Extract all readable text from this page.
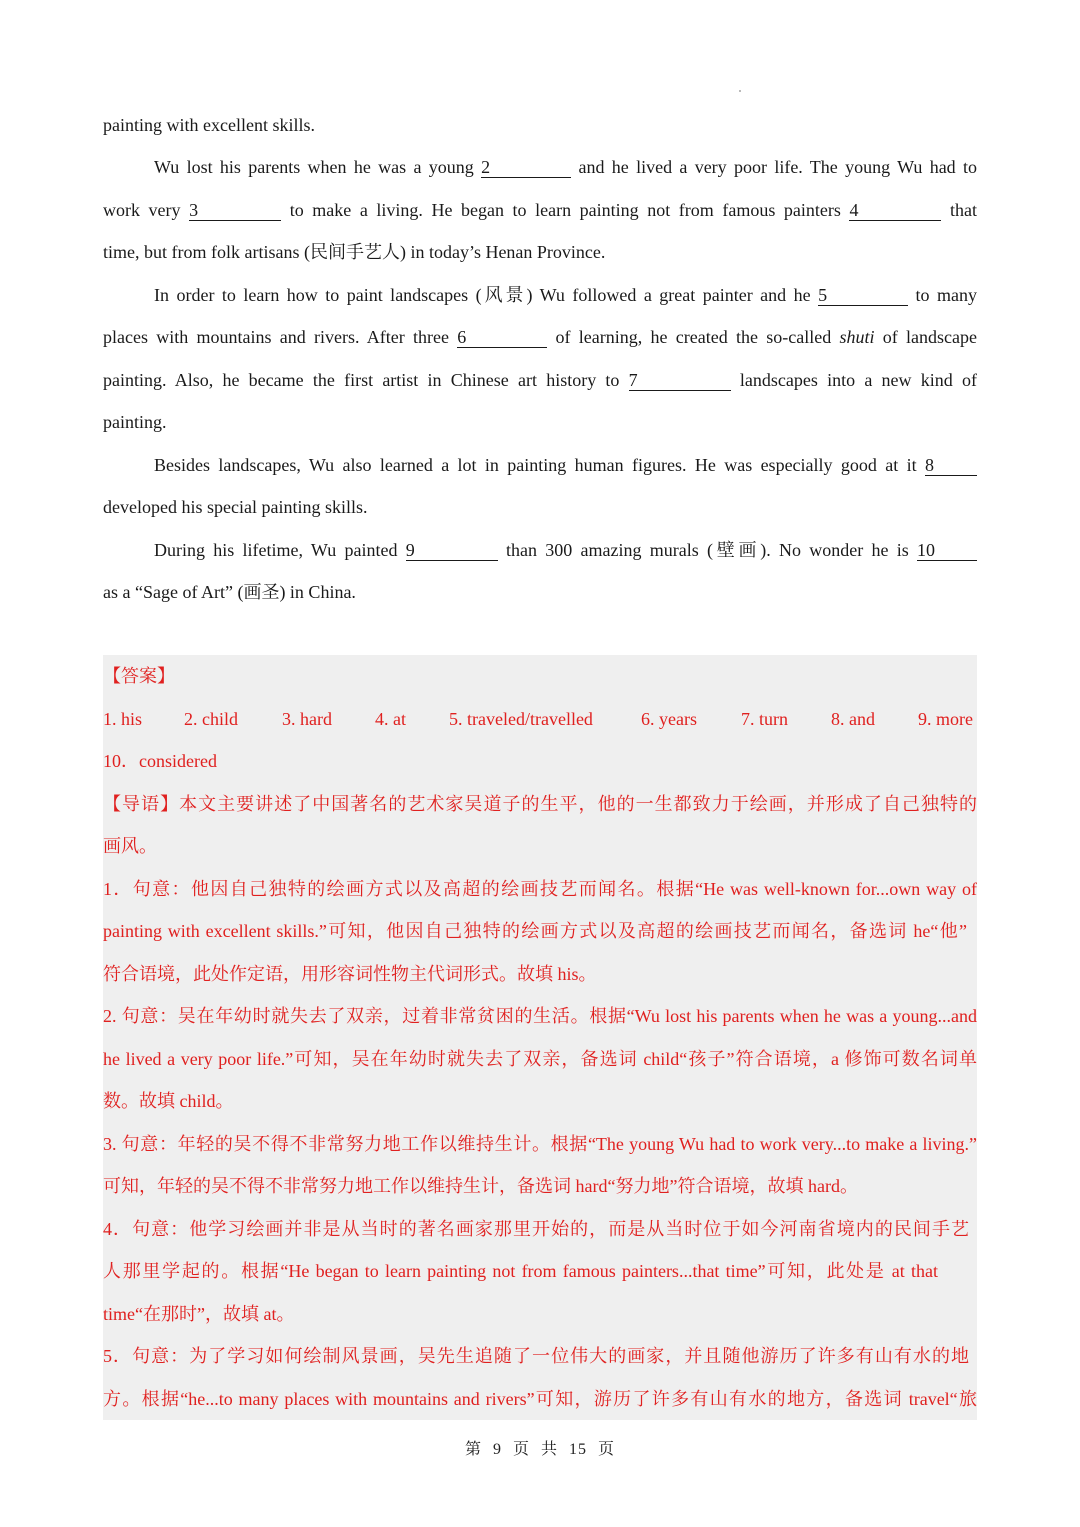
painting with excellent skills.
Wu lost his parents when he was a young 2	and he lived a very poor life. The young Wu had to
work very 3	to make a living. He began to learn painting not from famous painters 4	that
time, but from folk artisans (民间手艺人) in today’s Henan Province.
In order to learn how to paint landscapes (风景) Wu followed a great painter and he 5	to many
places with mountains and rivers. After three 6	of learning, he created the so-called shuti of landscape
painting. Also, he became the first artist in Chinese art history to 7	landscapes into a new kind of
painting.
Besides landscapes, Wu also learned a lot in painting human figures. He was especially good at it 8
developed his special painting skills.
During his lifetime, Wu painted 9	than 300 amazing murals (壁画). No wonder he is 10
as a “Sage of Art” (画圣) in China.
【答案】
1. his 2. child 3. hard 4. at 5. traveled/travelled	6. years 7. turn 8. and 9. more
10．considered
【导语】本文主要讲述了中国著名的艺术家吴道子的生平，他的一生都致力于绘画，并形成了自己独特的
画风。
1．句意：他因自己独特的绘画方式以及高超的绘画技艺而闻名。根据“He was well-known for...own way of
painting with excellent skills.”可知，他因自己独特的绘画方式以及高超的绘画技艺而闻名，备选词 he“他”
符合语境，此处作定语，用形容词性物主代词形式。故填 his。
2. 句意：吴在年幼时就失去了双亲，过着非常贫困的生活。根据“Wu lost his parents when he was a young...and
he lived a very poor life.”可知，吴在年幼时就失去了双亲，备选词 child“孩子”符合语境，a 修饰可数名词单
数。故填 child。
3. 句意：年轻的吴不得不非常努力地工作以维持生计。根据“The young Wu had to work very...to make a living.”
可知，年轻的吴不得不非常努力地工作以维持生计，备选词 hard“努力地”符合语境，故填 hard。
4．句意：他学习绘画并非是从当时的著名画家那里开始的，而是从当时位于如今河南省境内的民间手艺
人那里学起的。根据“He began to learn painting not from famous painters...that time”可知，此处是 at that
time“在那时”，故填 at。
5．句意：为了学习如何绘制风景画，吴先生追随了一位伟大的画家，并且随他游历了许多有山有水的地
方。根据“he...to many places with mountains and rivers”可知，游历了许多有山有水的地方，备选词 travel“旅
第 9 页 共 15 页
